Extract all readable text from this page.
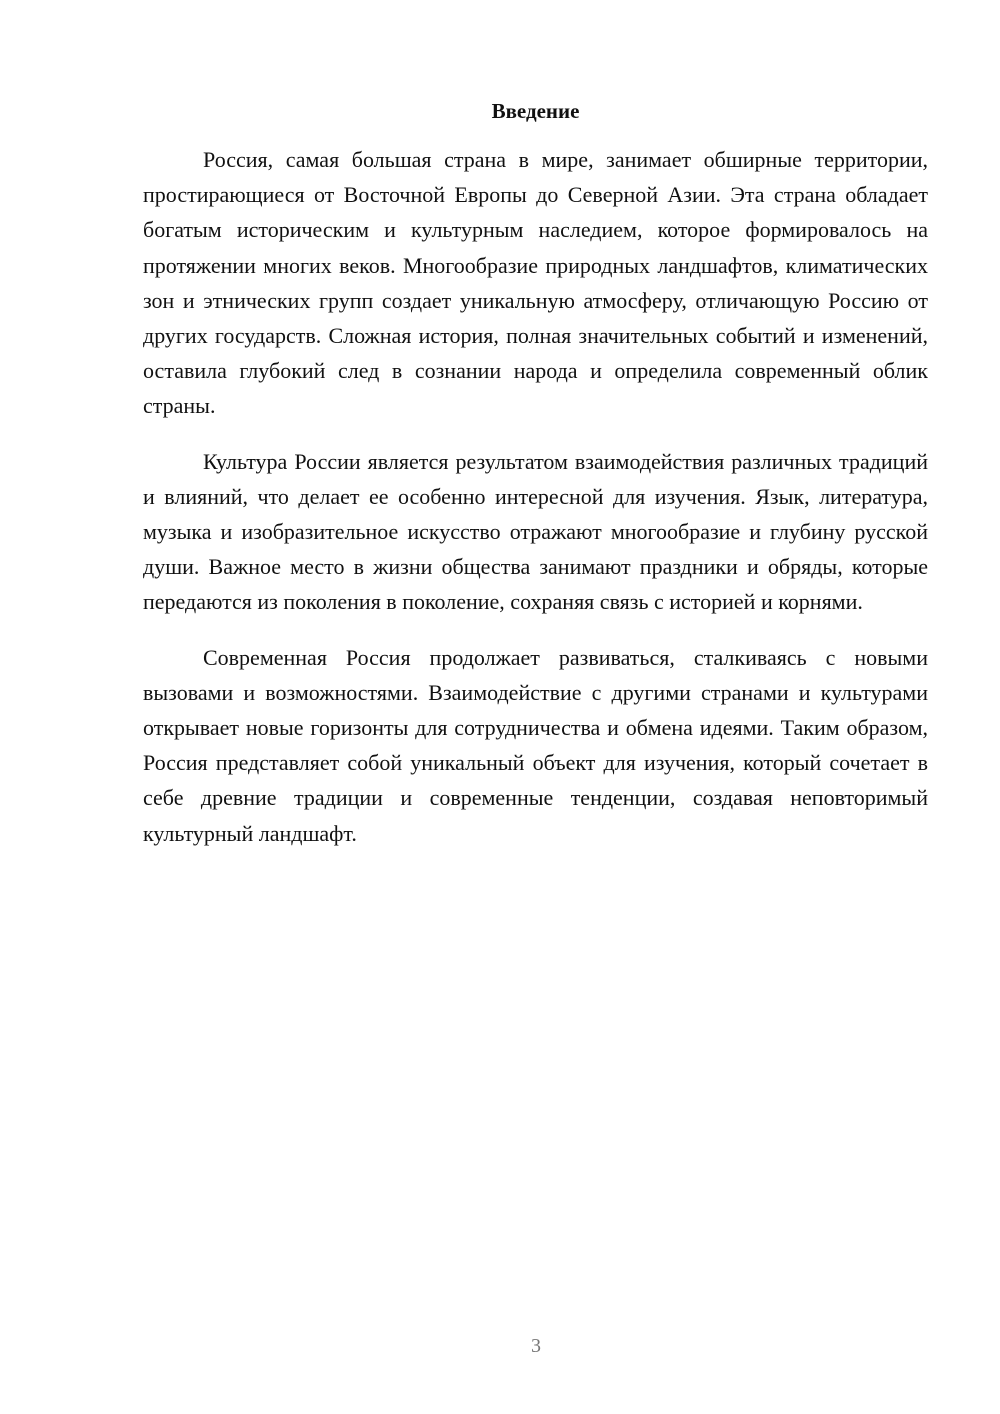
Введение

Россия, самая большая страна в мире, занимает обширные территории, простирающиеся от Восточной Европы до Северной Азии. Эта страна обладает богатым историческим и культурным наследием, которое формировалось на протяжении многих веков. Многообразие природных ландшафтов, климатических зон и этнических групп создает уникальную атмосферу, отличающую Россию от других государств. Сложная история, полная значительных событий и изменений, оставила глубокий след в сознании народа и определила современный облик страны.

Культура России является результатом взаимодействия различных традиций и влияний, что делает ее особенно интересной для изучения. Язык, литература, музыка и изобразительное искусство отражают многообразие и глубину русской души. Важное место в жизни общества занимают праздники и обряды, которые передаются из поколения в поколение, сохраняя связь с историей и корнями.

Современная Россия продолжает развиваться, сталкиваясь с новыми вызовами и возможностями. Взаимодействие с другими странами и культурами открывает новые горизонты для сотрудничества и обмена идеями. Таким образом, Россия представляет собой уникальный объект для изучения, который сочетает в себе древние традиции и современные тенденции, создавая неповторимый культурный ландшафт.

3
